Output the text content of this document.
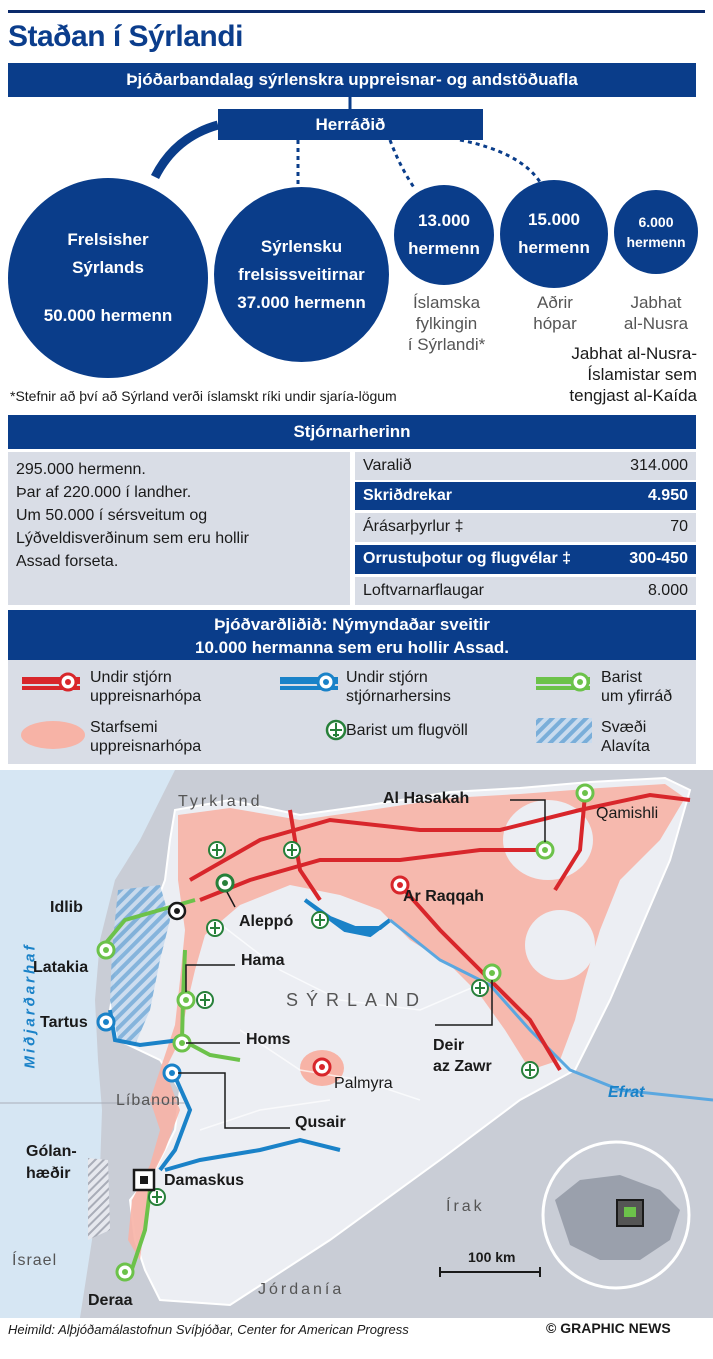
Staðan í Sýrlandi
Þjóðarbandalag sýrlenskra uppreisnar- og andstöðuafla
Herráðið
Frelsisher
Sýrlands
50.000 hermenn
Sýrlensku
frelsissveitirnar
37.000 hermenn
13.000
hermenn
15.000
hermenn
6.000
hermenn
Íslamska
fylkingin
í Sýrlandi*
Aðrir
hópar
Jabhat
al-Nusra
Jabhat al-Nusra-
Íslamistar sem
tengjast al-Kaída
*Stefnir að því að Sýrland verði íslamskt ríki undir sjaría-lögum
Stjórnarherinn
295.000 hermenn.
Þar af 220.000 í landher.
Um 50.000 í sérsveitum og
Lýðveldisverðinum sem eru hollir
Assad forseta.
Varalið	314.000
Skriðdrekar	4.950
Árásarþyrlur ‡	70
Orrustuþotur og flugvélar ‡	300-450
Loftvarnarflaugar	8.000
Þjóðvarðliðið: Nýmyndaðar sveitir
10.000 hermanna sem eru hollir Assad.
Undir stjórn
uppreisnarhópa
Undir stjórn
stjórnarhersins
Barist
um yfirráð
Starfsemi
uppreisnarhópa
Barist um flugvöll	Svæði
Alavíta
Tyrkland
SÝRLAND
Líbanon
Ísrael
Jórdanía
Írak
Miðjarðarhaf
Efrat
Al Hasakah
Qamishli
Idlib
Aleppó
Ar Raqqah
Latakia	Hama
Tartus
Homs	Deir
az Zawr
Palmyra
Qusair
Gólan-
hæðir	Damaskus
Deraa
100 km
Heimild: Alþjóðamálastofnun Svíþjóðar, Center for American Progress	© GRAPHIC NEWS
